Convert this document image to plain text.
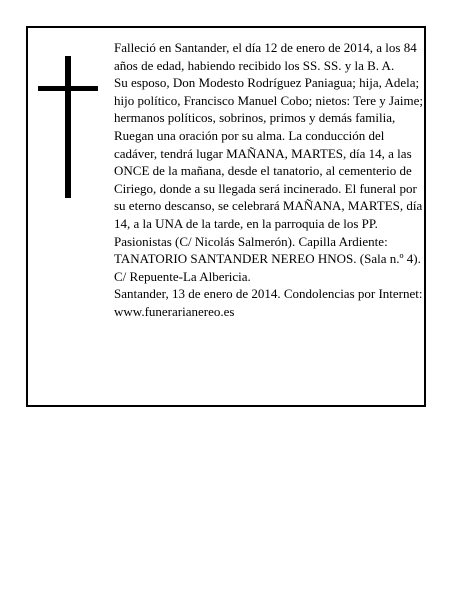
Falleció en Santander, el día 12 de enero de 2014, a los 84 años de edad, habiendo recibido los SS. SS. y la B. A.

Su esposo, Don Modesto Rodríguez Paniagua; hija, Adela; hijo político, Francisco Manuel Cobo; nietos: Tere y Jaime; hermanos políticos, sobrinos, primos y demás familia,

Ruegan una oración por su alma. La conducción del cadáver, tendrá lugar MAÑANA, MARTES, día 14, a las ONCE de la mañana, desde el tanatorio, al cementerio de Ciriego, donde a su llegada será incinerado. El funeral por su eterno descanso, se celebrará MAÑANA, MARTES, día 14, a la UNA de la tarde, en la parroquia de los PP. Pasionistas (C/ Nicolás Salmerón). Capilla Ardiente: TANATORIO SANTANDER NEREO HNOS. (Sala n.º 4). C/ Repuente-La Albericia.

Santander, 13 de enero de 2014. Condolencias por Internet: www.funerarianereo.es
